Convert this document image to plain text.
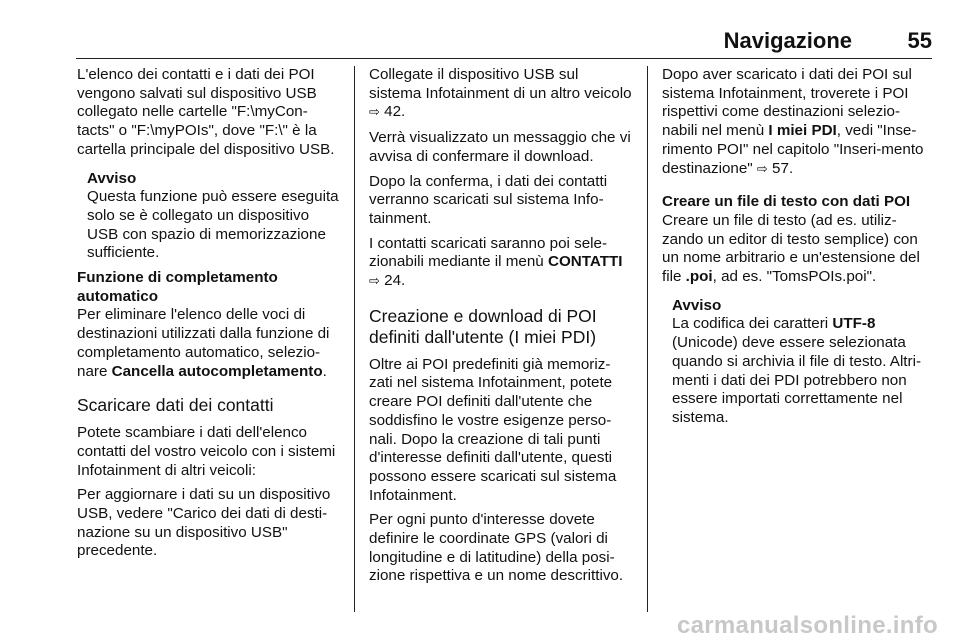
Navigazione	55

L'elenco dei contatti e i dati dei POI vengono salvati sul dispositivo USB collegato nelle cartelle "F:\myCon-tacts" o "F:\myPOIs", dove "F:\" è la cartella principale del dispositivo USB.

Avviso
Questa funzione può essere eseguita solo se è collegato un dispositivo USB con spazio di memorizzazione sufficiente.
Funzione di completamento automatico

Per eliminare l'elenco delle voci di destinazioni utilizzati dalla funzione di completamento automatico, selezio-nare Cancella autocompletamento.

Scaricare dati dei contatti

Potete scambiare i dati dell'elenco contatti del vostro veicolo con i sistemi Infotainment di altri veicoli:

Per aggiornare i dati su un dispositivo USB, vedere "Carico dei dati di desti-nazione su un dispositivo USB" precedente.

Collegate il dispositivo USB sul sistema Infotainment di un altro veicolo ⇨ 42.

Verrà visualizzato un messaggio che vi avvisa di confermare il download.

Dopo la conferma, i dati dei contatti verranno scaricati sul sistema Info-tainment.

I contatti scaricati saranno poi sele-zionabili mediante il menù CONTATTI ⇨ 24.

Creazione e download di POI definiti dall'utente (I miei PDI)

Oltre ai POI predefiniti già memoriz-zati nel sistema Infotainment, potete creare POI definiti dall'utente che soddisfino le vostre esigenze perso-nali. Dopo la creazione di tali punti d'interesse definiti dall'utente, questi possono essere scaricati sul sistema Infotainment.

Per ogni punto d'interesse dovete definire le coordinate GPS (valori di longitudine e di latitudine) della posi-zione rispettiva e un nome descrittivo.

Dopo aver scaricato i dati dei POI sul sistema Infotainment, troverete i POI rispettivi come destinazioni selezio-nabili nel menù I miei PDI, vedi "Inse-rimento POI" nel capitolo "Inseri-mento destinazione" ⇨ 57.

Creare un file di testo con dati POI

Creare un file di testo (ad es. utiliz-zando un editor di testo semplice) con un nome arbitrario e un'estensione del file .poi, ad es. "TomsPOIs.poi".

Avviso
La codifica dei caratteri UTF-8 (Unicode) deve essere selezionata quando si archivia il file di testo. Altri-menti i dati dei PDI potrebbero non essere importati correttamente nel sistema.
carmanualsonline.info
